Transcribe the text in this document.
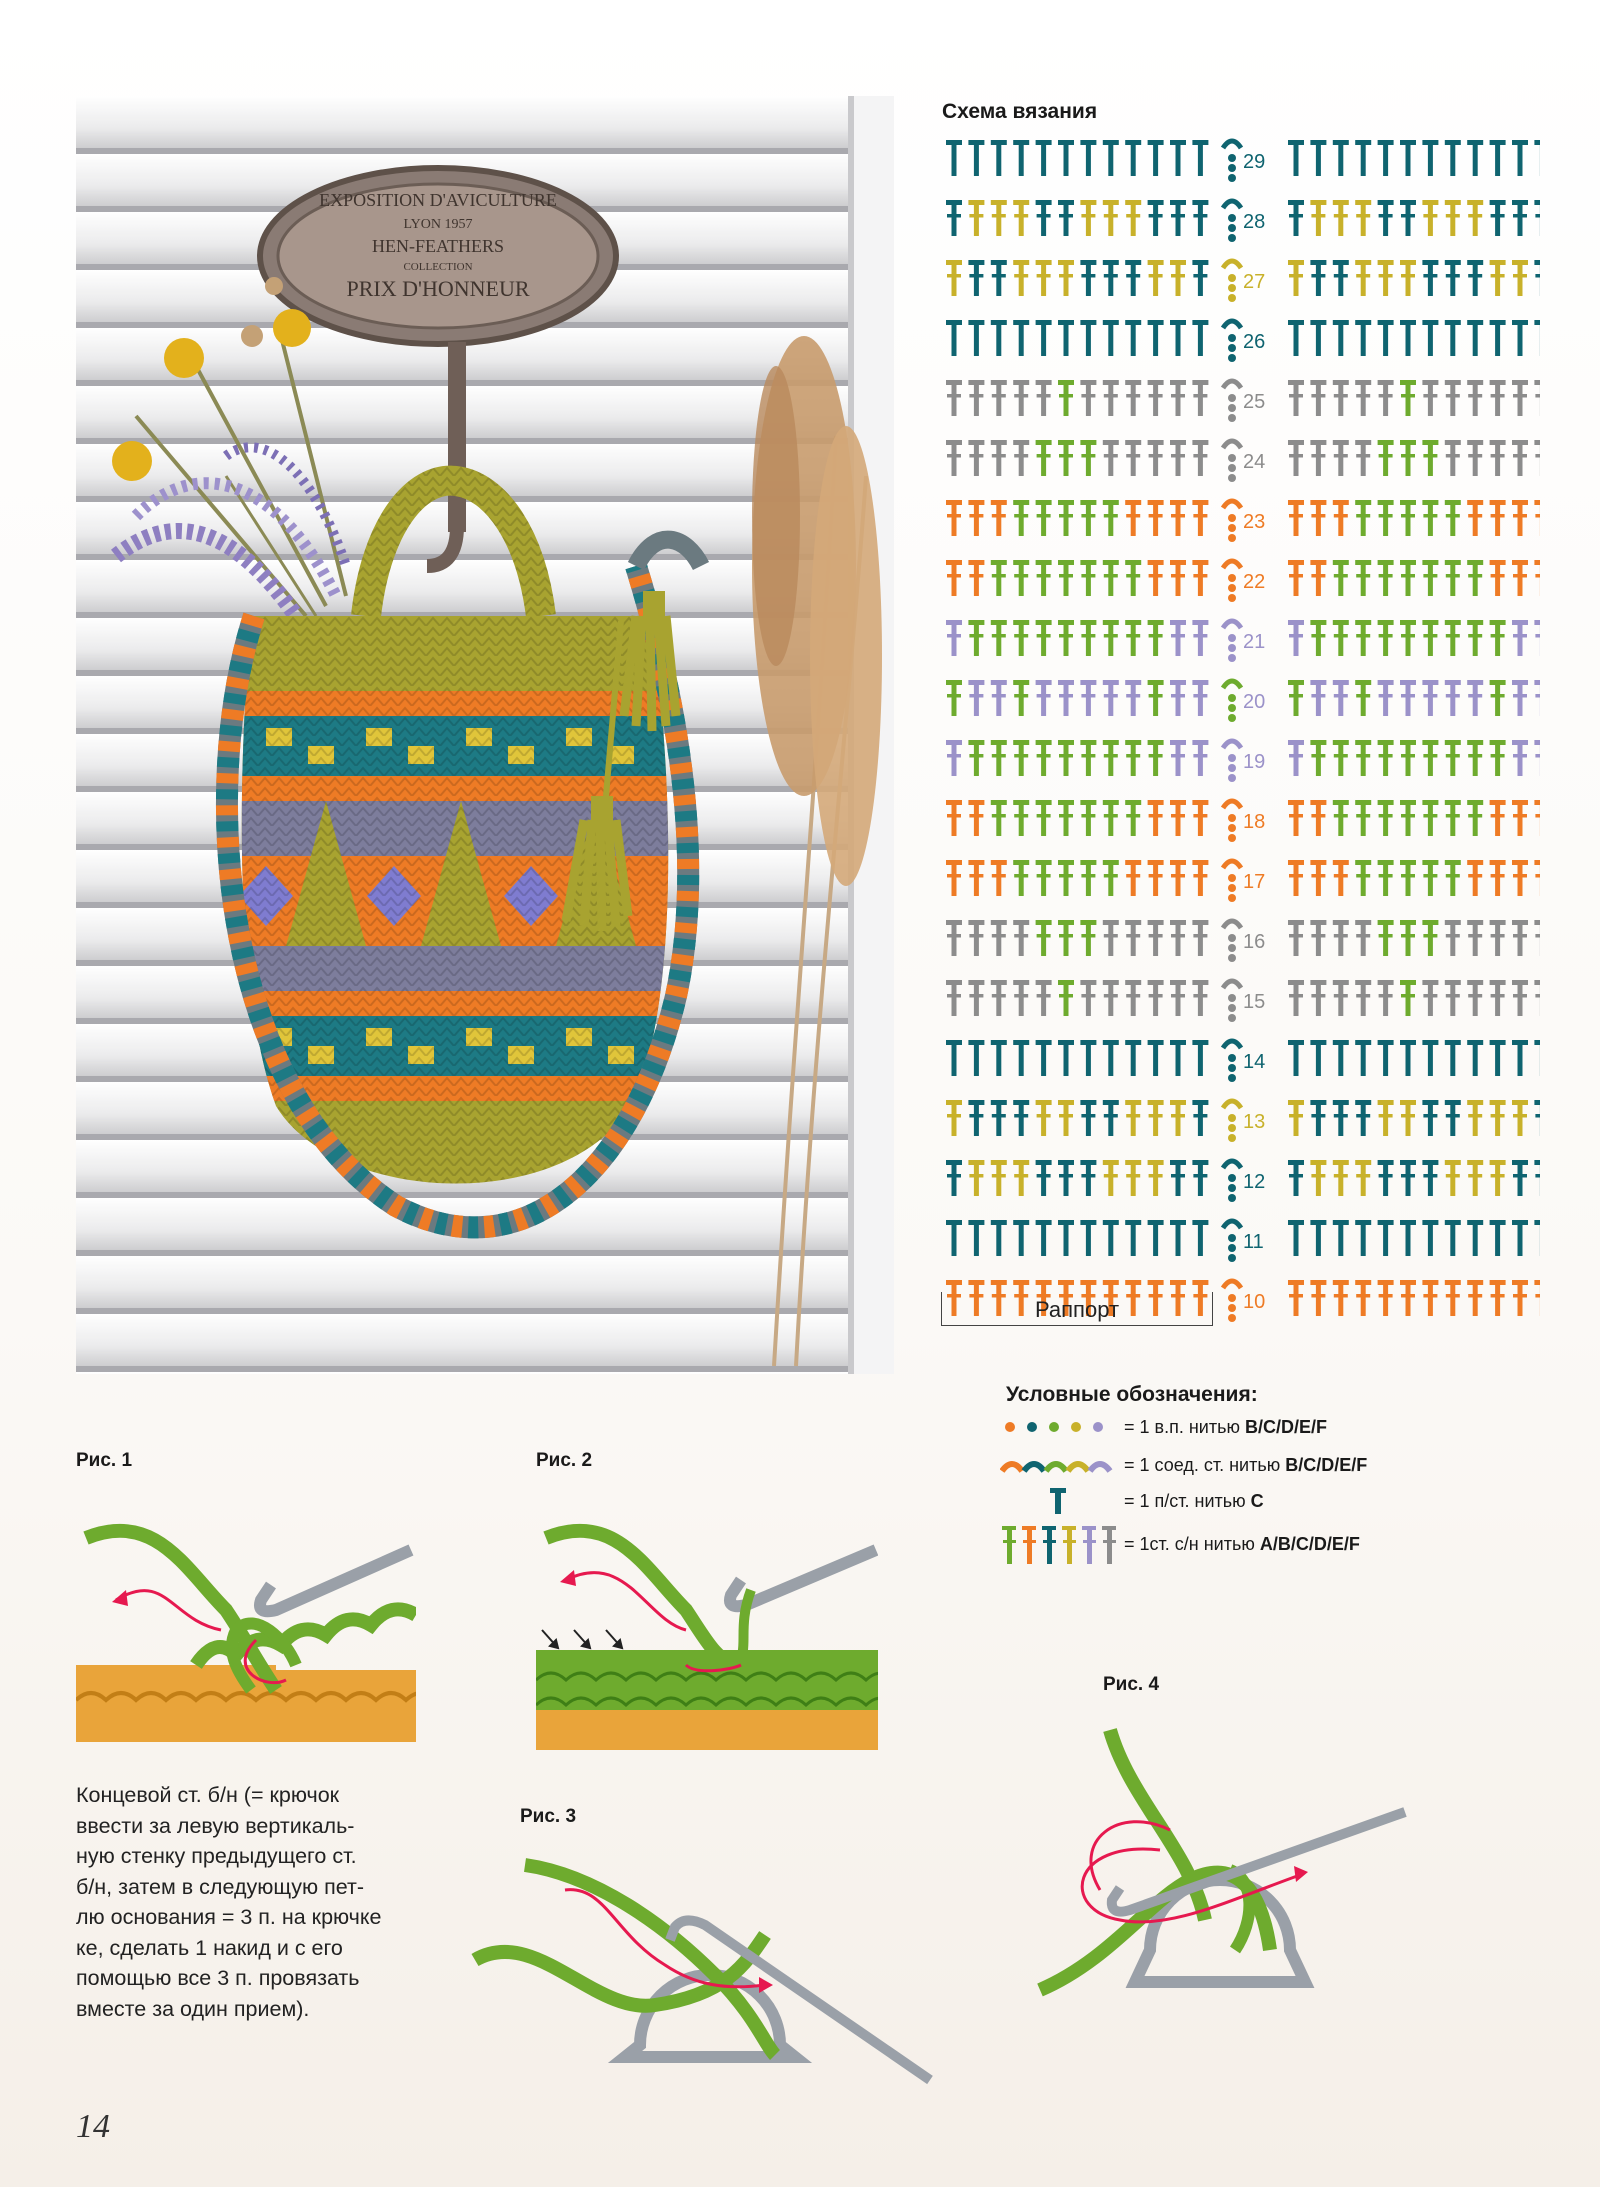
EXPOSITION D'AVICULTURE
LYON 1957
HEN-FEATHERS
COLLECTION
PRIX D'HONNEUR
Схема вязания
29
28
27
26
25
24
23
22
21
20
19
18
17
16
15
14
13
12
11
10
Раппорт
Условные обозначения:
= 1 в.п. нитью B/C/D/E/F
= 1 соед. ст. нитью B/C/D/E/F
= 1 п/ст. нитью C
= 1ст. с/н нитью A/B/C/D/E/F
Рис. 1	Рис. 2
Рис. 3
Рис. 4
Концевой ст. б/н (= крючок
ввести за левую вертикаль-
ную стенку предыдущего ст.
б/н, затем в следующую пет-
лю основания = 3 п. на крючке
ке, сделать 1 накид и с его
помощью все 3 п. провязать
вместе за один прием).
14
